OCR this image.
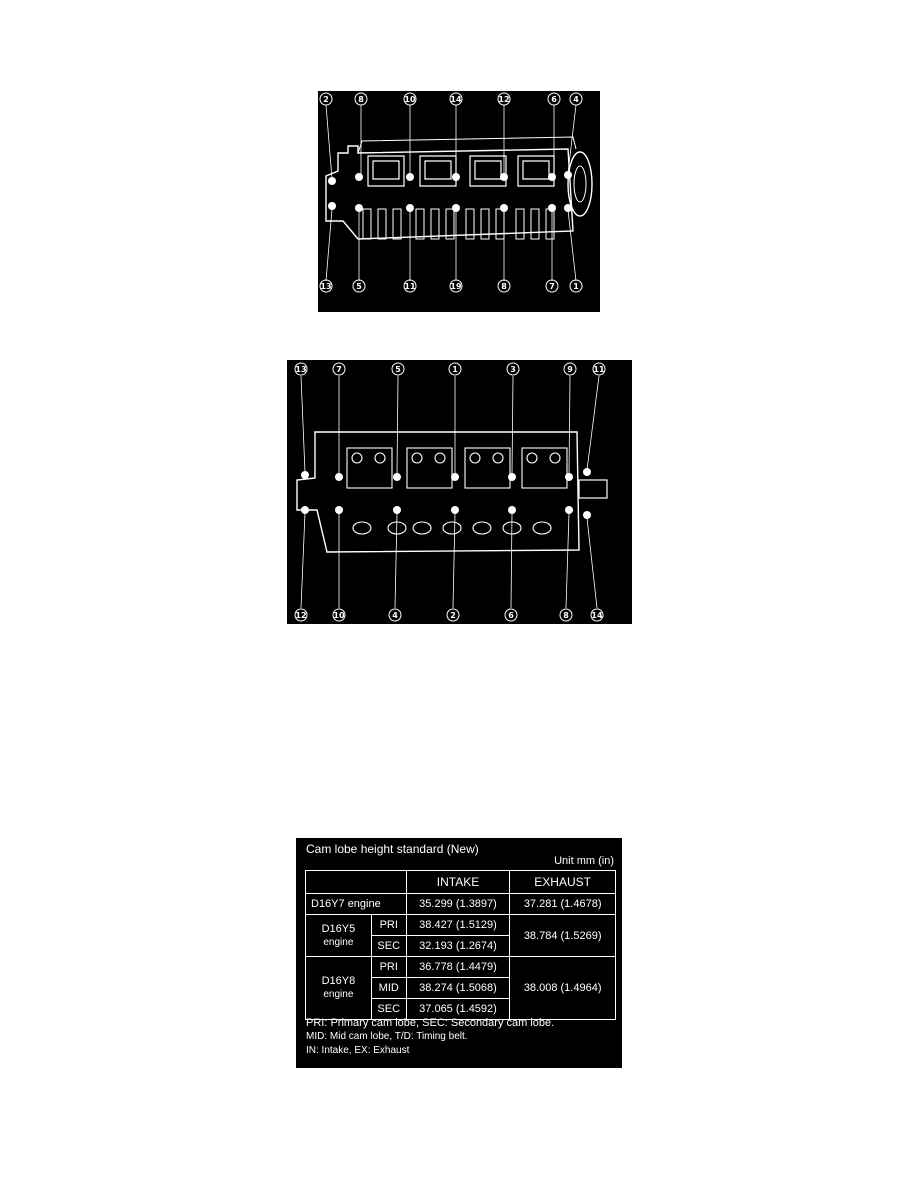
2	8	10	14	12	6 4
13	5	11	19	8	7 1
13	7	5	1	3	9	11
12	10	4	2	6	8	14
Cam lobe height standard (New)
Unit mm (in)
		INTAKE	EXHAUST
D16Y7 engine		35.299 (1.3897)	37.281 (1.4678)
D16Y5
engine	PRI	38.427 (1.5129)	38.784 (1.5269)
	SEC	32.193 (1.2674)	
D16Y8
engine	PRI	36.778 (1.4479)	38.008 (1.4964)
	MID	38.274 (1.5068)	
	SEC	37.065 (1.4592)	
PRI: Primary cam lobe, SEC: Secondary cam lobe.
MID: Mid cam lobe, T/D: Timing belt.
IN: Intake, EX: Exhaust
